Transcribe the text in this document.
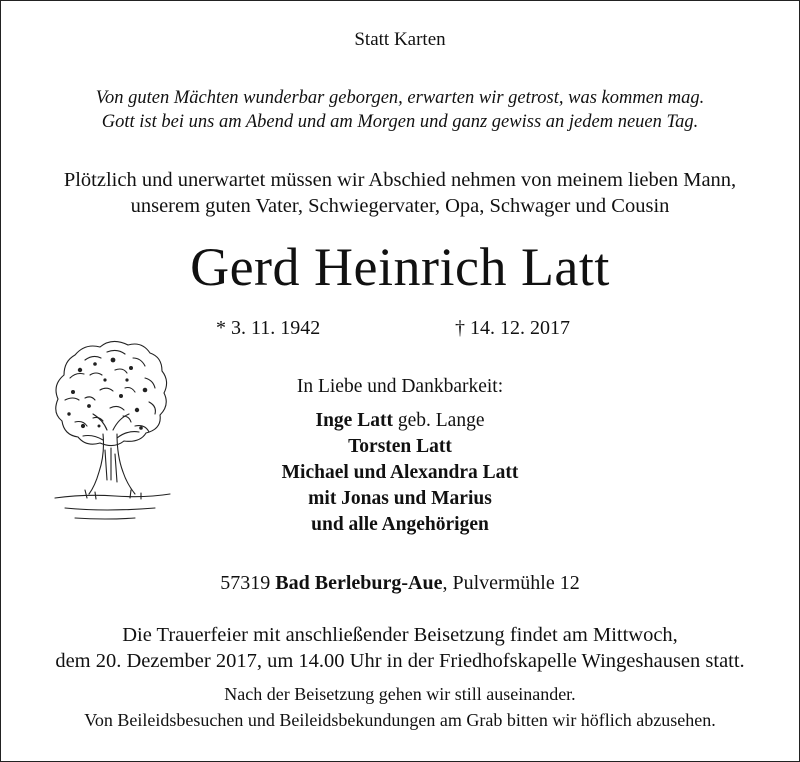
Statt Karten
Von guten Mächten wunderbar geborgen, erwarten wir getrost, was kommen mag.
Gott ist bei uns am Abend und am Morgen und ganz gewiss an jedem neuen Tag.
Plötzlich und unerwartet müssen wir Abschied nehmen von meinem lieben Mann,
unserem guten Vater, Schwiegervater, Opa, Schwager und Cousin
Gerd Heinrich Latt
* 3. 11. 1942	† 14. 12. 2017
In Liebe und Dankbarkeit:
Inge Latt geb. Lange
Torsten Latt
Michael und Alexandra Latt
mit Jonas und Marius
und alle Angehörigen
57319 Bad Berleburg-Aue, Pulvermühle 12
Die Trauerfeier mit anschließender Beisetzung findet am Mittwoch,
dem 20. Dezember 2017, um 14.00 Uhr in der Friedhofskapelle Wingeshausen statt.
Nach der Beisetzung gehen wir still auseinander.
Von Beileidsbesuchen und Beileidsbekundungen am Grab bitten wir höflich abzusehen.
